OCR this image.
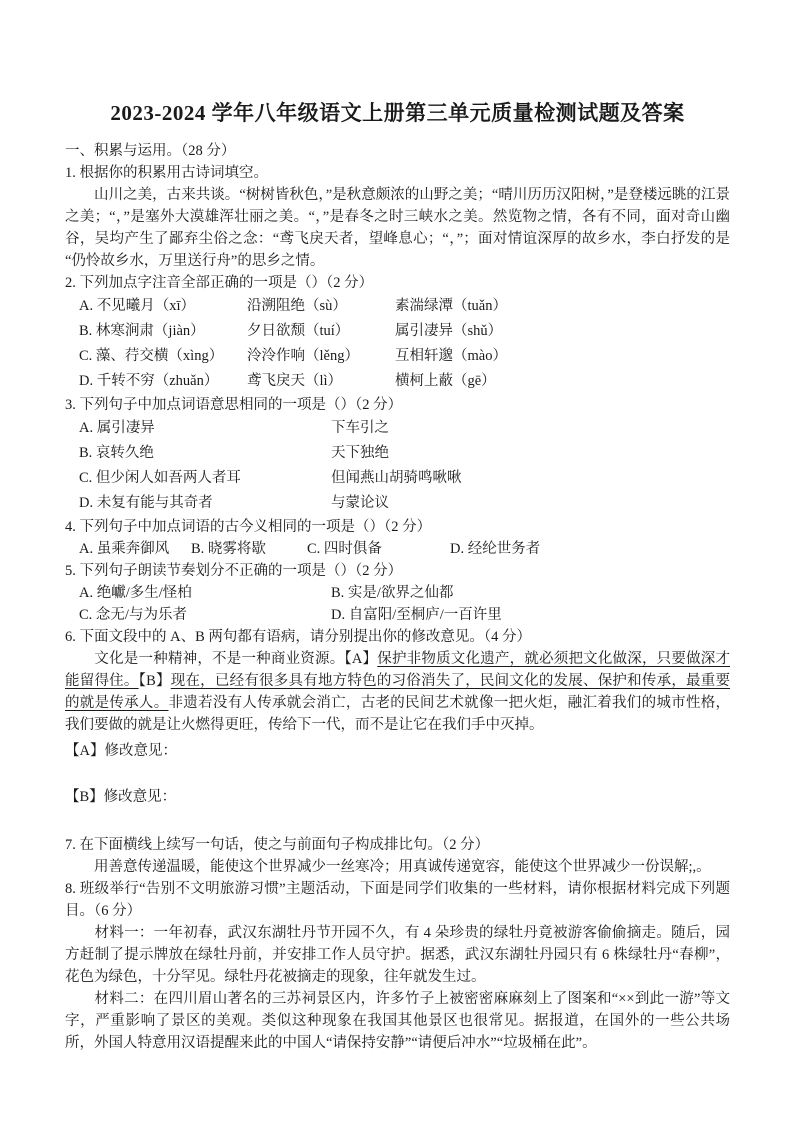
2023-2024 学年八年级语文上册第三单元质量检测试题及答案

一、积累与运用。（28 分）

1. 根据你的积累用古诗词填空。

　　山川之美，古来共谈。“树树皆秋色，”是秋意颇浓的山野之美；“晴川历历汉阳树，”是登楼远眺的江景之美；“，”是塞外大漠雄浑壮丽之美。“，”是春冬之时三峡水之美。然览物之情，各有不同，面对奇山幽谷，吴均产生了鄙弃尘俗之念：“鸢飞戾天者，望峰息心；“，”；面对情谊深厚的故乡水，李白抒发的是“仍怜故乡水，万里送行舟”的思乡之情。

2. 下列加点字注音全部正确的一项是（）（2 分）

A. 不见曦月（xī）	沿溯阻绝（sù）	素湍绿潭（tuǎn）
B. 林寒涧肃（jiàn）	夕日欲颓（tuí）	属引凄异（shǔ）
C. 藻、荇交横（xìng）	泠泠作响（lěng）	互相轩邈（mào）
D. 千转不穷（zhuǎn）	鸢飞戾天（lì）	横柯上蔽（gē）

3. 下列句子中加点词语意思相同的一项是（）（2 分）

A. 属引凄异	下车引之
B. 哀转久绝	天下独绝
C. 但少闲人如吾两人者耳	但闻燕山胡骑鸣啾啾
D. 未复有能与其奇者	与蒙论议

4. 下列句子中加点词语的古今义相同的一项是（）（2 分）

A. 虽乘奔御风	B. 晓雾将歇	C. 四时俱备	D. 经纶世务者

5. 下列句子朗读节奏划分不正确的一项是（）（2 分）

A. 绝巘/多生/怪柏	B. 实是/欲界之仙都
C. 念无/与为乐者	D. 自富阳/至桐庐/一百许里

6. 下面文段中的 A、B 两句都有语病，请分别提出你的修改意见。（4 分）

　　文化是一种精神，不是一种商业资源。【A】保护非物质文化遗产，就必须把文化做深，只要做深才能留得住。【B】现在，已经有很多具有地方特色的习俗消失了，民间文化的发展、保护和传承，最重要的就是传承人。非遗若没有人传承就会消亡，古老的民间艺术就像一把火炬，融汇着我们的城市性格，我们要做的就是让火燃得更旺，传给下一代，而不是让它在我们手中灭掉。

【A】修改意见：

【B】修改意见：

7. 在下面横线上续写一句话，使之与前面句子构成排比句。（2 分）

　　用善意传递温暖，能使这个世界减少一丝寒冷；用真诚传递宽容，能使这个世界减少一份误解;,。

8. 班级举行“告别不文明旅游习惯”主题活动，下面是同学们收集的一些材料，请你根据材料完成下列题目。（6 分）

　　材料一：一年初春，武汉东湖牡丹节开园不久，有 4 朵珍贵的绿牡丹竟被游客偷偷摘走。随后，园方赶制了提示牌放在绿牡丹前，并安排工作人员守护。据悉，武汉东湖牡丹园只有 6 株绿牡丹“春柳”，花色为绿色，十分罕见。绿牡丹花被摘走的现象，往年就发生过。

　　材料二：在四川眉山著名的三苏祠景区内，许多竹子上被密密麻麻刻上了图案和“××到此一游”等文字，严重影响了景区的美观。类似这种现象在我国其他景区也很常见。据报道，在国外的一些公共场所，外国人特意用汉语提醒来此的中国人“请保持安静”“请便后冲水”“垃圾桶在此”。
